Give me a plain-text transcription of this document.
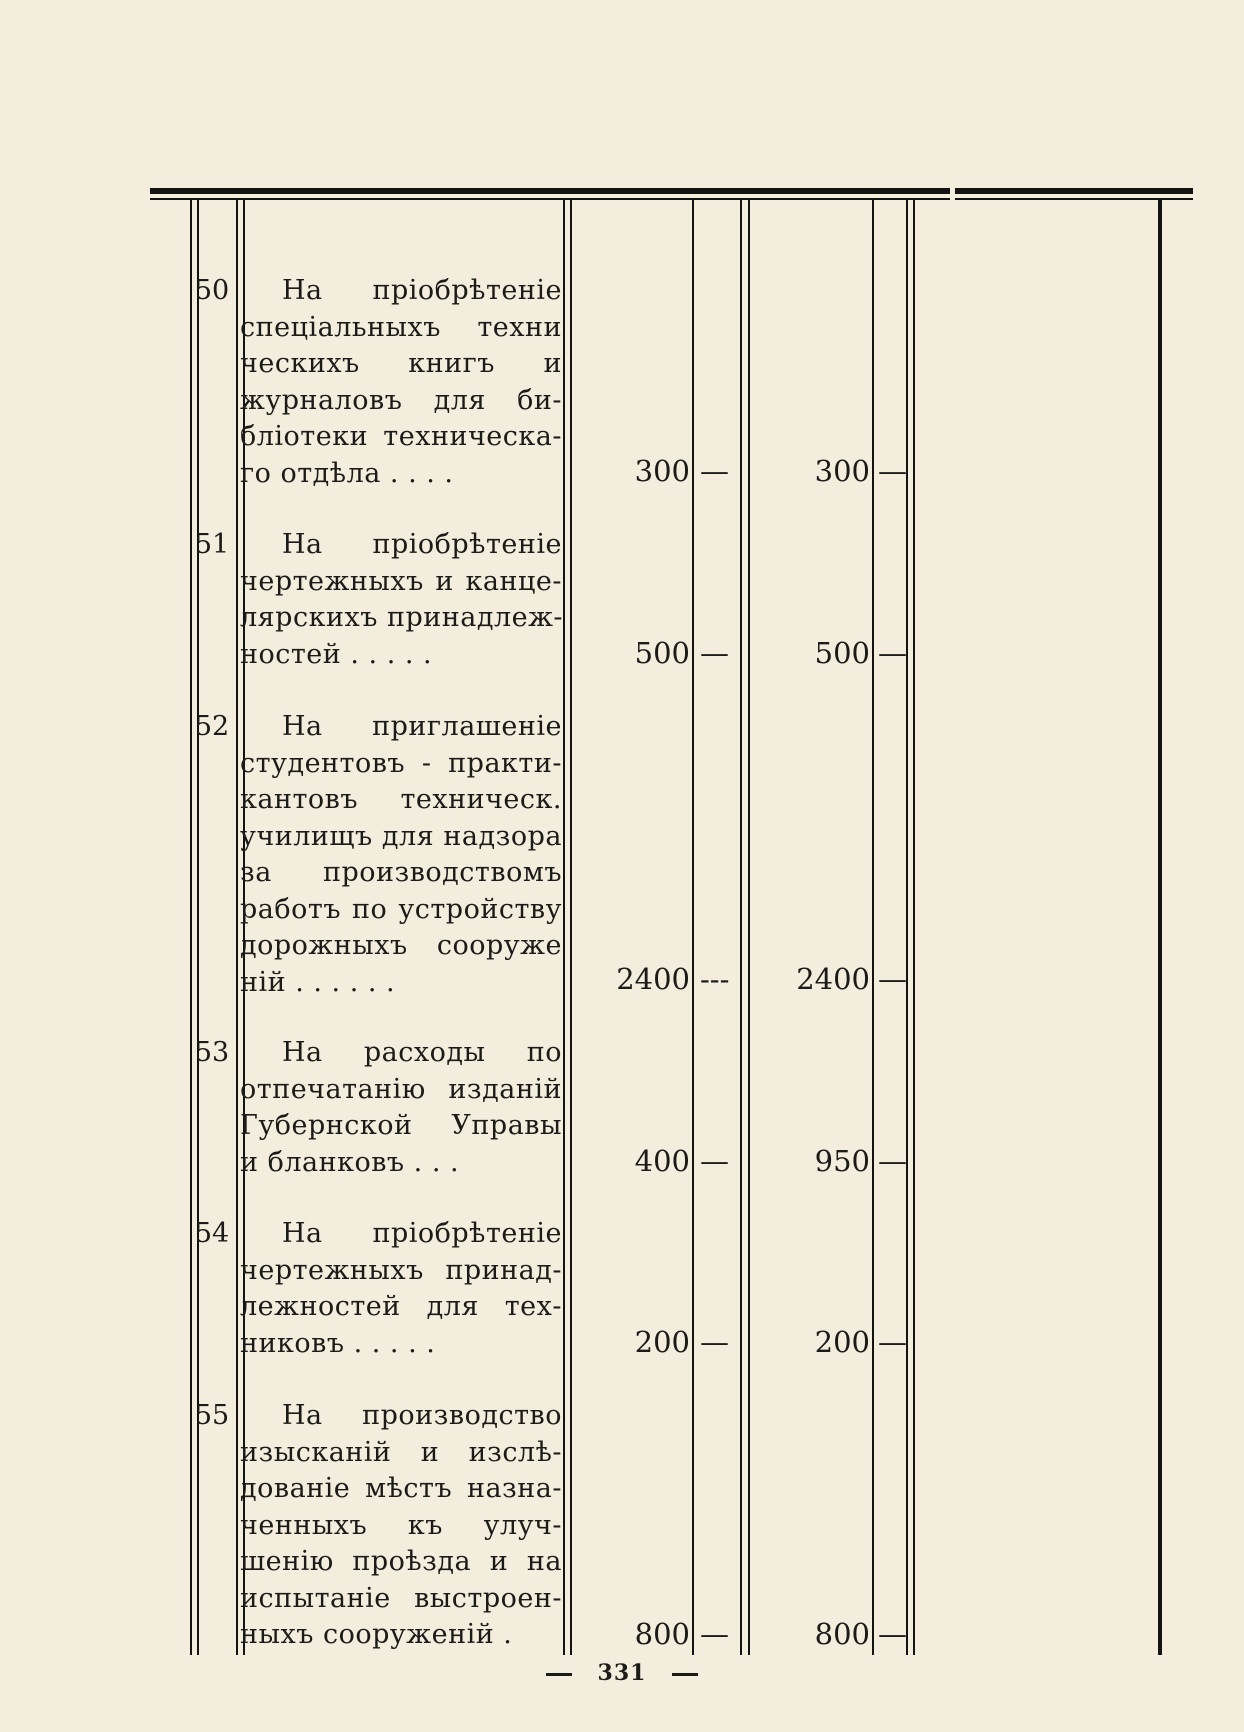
50	На пріобрѣтеніе
спеціальныхъ техни
ческихъ книгъ и
журналовъ для би-
бліотеки техническа-
го отдѣла . . . .	300 —	300 —
51	На пріобрѣтеніе
чертежныхъ и канце-
лярскихъ принадлеж-
ностей . . . . .	500 —	500 —
52	На приглашеніе
студентовъ - практи-
кантовъ техническ.
училищъ для надзора
за производствомъ
работъ по устройству
дорожныхъ сооруже
ній . . . . . .	2400 ---	2400 —
53	На расходы по
отпечатанію изданій
Губернской Управы
и бланковъ . . .	400 —	950 —
54	На пріобрѣтеніе
чертежныхъ принад-
лежностей для тех-
никовъ . . . . .	200 —	200 —
55	На производство
изысканій и изслѣ-
дованіе мѣстъ назна-
ченныхъ къ улуч-
шенію проѣзда и на
испытаніе выстроен-
ныхъ сооруженій .	800 —	800 —
331
